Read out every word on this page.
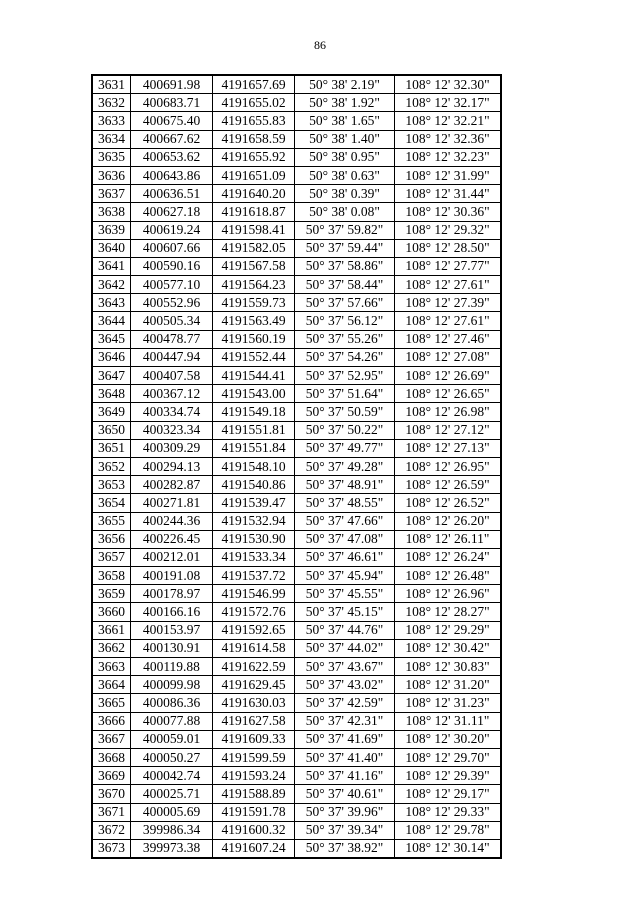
86
3631	400691.98	4191657.69	50° 38' 2.19"	108° 12' 32.30"
3632	400683.71	4191655.02	50° 38' 1.92"	108° 12' 32.17"
3633	400675.40	4191655.83	50° 38' 1.65"	108° 12' 32.21"
3634	400667.62	4191658.59	50° 38' 1.40"	108° 12' 32.36"
3635	400653.62	4191655.92	50° 38' 0.95"	108° 12' 32.23"
3636	400643.86	4191651.09	50° 38' 0.63"	108° 12' 31.99"
3637	400636.51	4191640.20	50° 38' 0.39"	108° 12' 31.44"
3638	400627.18	4191618.87	50° 38' 0.08"	108° 12' 30.36"
3639	400619.24	4191598.41	50° 37' 59.82"	108° 12' 29.32"
3640	400607.66	4191582.05	50° 37' 59.44"	108° 12' 28.50"
3641	400590.16	4191567.58	50° 37' 58.86"	108° 12' 27.77"
3642	400577.10	4191564.23	50° 37' 58.44"	108° 12' 27.61"
3643	400552.96	4191559.73	50° 37' 57.66"	108° 12' 27.39"
3644	400505.34	4191563.49	50° 37' 56.12"	108° 12' 27.61"
3645	400478.77	4191560.19	50° 37' 55.26"	108° 12' 27.46"
3646	400447.94	4191552.44	50° 37' 54.26"	108° 12' 27.08"
3647	400407.58	4191544.41	50° 37' 52.95"	108° 12' 26.69"
3648	400367.12	4191543.00	50° 37' 51.64"	108° 12' 26.65"
3649	400334.74	4191549.18	50° 37' 50.59"	108° 12' 26.98"
3650	400323.34	4191551.81	50° 37' 50.22"	108° 12' 27.12"
3651	400309.29	4191551.84	50° 37' 49.77"	108° 12' 27.13"
3652	400294.13	4191548.10	50° 37' 49.28"	108° 12' 26.95"
3653	400282.87	4191540.86	50° 37' 48.91"	108° 12' 26.59"
3654	400271.81	4191539.47	50° 37' 48.55"	108° 12' 26.52"
3655	400244.36	4191532.94	50° 37' 47.66"	108° 12' 26.20"
3656	400226.45	4191530.90	50° 37' 47.08"	108° 12' 26.11"
3657	400212.01	4191533.34	50° 37' 46.61"	108° 12' 26.24"
3658	400191.08	4191537.72	50° 37' 45.94"	108° 12' 26.48"
3659	400178.97	4191546.99	50° 37' 45.55"	108° 12' 26.96"
3660	400166.16	4191572.76	50° 37' 45.15"	108° 12' 28.27"
3661	400153.97	4191592.65	50° 37' 44.76"	108° 12' 29.29"
3662	400130.91	4191614.58	50° 37' 44.02"	108° 12' 30.42"
3663	400119.88	4191622.59	50° 37' 43.67"	108° 12' 30.83"
3664	400099.98	4191629.45	50° 37' 43.02"	108° 12' 31.20"
3665	400086.36	4191630.03	50° 37' 42.59"	108° 12' 31.23"
3666	400077.88	4191627.58	50° 37' 42.31"	108° 12' 31.11"
3667	400059.01	4191609.33	50° 37' 41.69"	108° 12' 30.20"
3668	400050.27	4191599.59	50° 37' 41.40"	108° 12' 29.70"
3669	400042.74	4191593.24	50° 37' 41.16"	108° 12' 29.39"
3670	400025.71	4191588.89	50° 37' 40.61"	108° 12' 29.17"
3671	400005.69	4191591.78	50° 37' 39.96"	108° 12' 29.33"
3672	399986.34	4191600.32	50° 37' 39.34"	108° 12' 29.78"
3673	399973.38	4191607.24	50° 37' 38.92"	108° 12' 30.14"
